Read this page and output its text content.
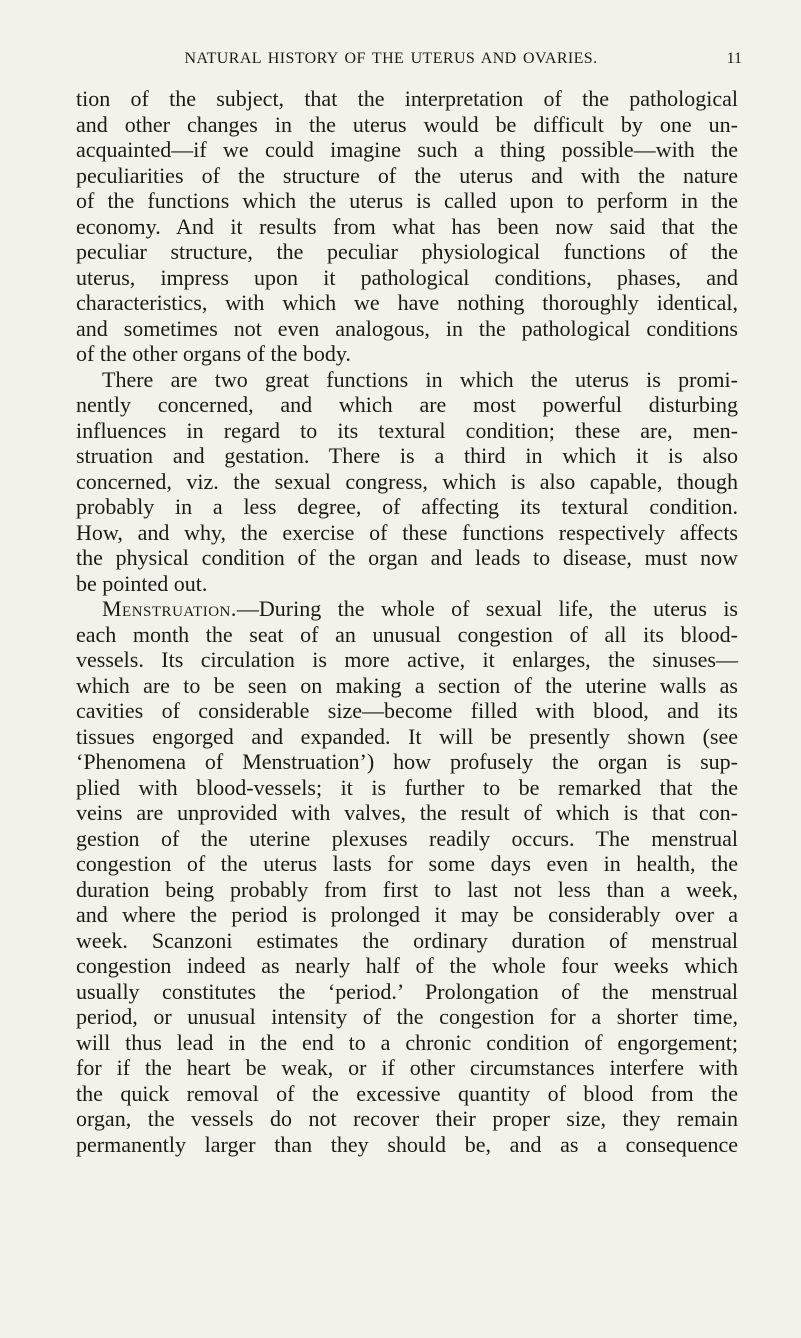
NATURAL HISTORY OF THE UTERUS AND OVARIES.	11
tion of the subject, that the interpretation of the pathological
and other changes in the uterus would be difficult by one un-
acquainted—if we could imagine such a thing possible—with the
peculiarities of the structure of the uterus and with the nature
of the functions which the uterus is called upon to perform in the
economy. And it results from what has been now said that the
peculiar structure, the peculiar physiological functions of the
uterus, impress upon it pathological conditions, phases, and
characteristics, with which we have nothing thoroughly identical,
and sometimes not even analogous, in the pathological conditions
of the other organs of the body.
There are two great functions in which the uterus is promi-
nently concerned, and which are most powerful disturbing
influences in regard to its textural condition; these are, men-
struation and gestation. There is a third in which it is also
concerned, viz. the sexual congress, which is also capable, though
probably in a less degree, of affecting its textural condition.
How, and why, the exercise of these functions respectively affects
the physical condition of the organ and leads to disease, must now
be pointed out.
Menstruation.—During the whole of sexual life, the uterus is
each month the seat of an unusual congestion of all its blood-
vessels. Its circulation is more active, it enlarges, the sinuses—
which are to be seen on making a section of the uterine walls as
cavities of considerable size—become filled with blood, and its
tissues engorged and expanded. It will be presently shown (see
‘Phenomena of Menstruation’) how profusely the organ is sup-
plied with blood-vessels; it is further to be remarked that the
veins are unprovided with valves, the result of which is that con-
gestion of the uterine plexuses readily occurs. The menstrual
congestion of the uterus lasts for some days even in health, the
duration being probably from first to last not less than a week,
and where the period is prolonged it may be considerably over a
week. Scanzoni estimates the ordinary duration of menstrual
congestion indeed as nearly half of the whole four weeks which
usually constitutes the ‘period.’ Prolongation of the menstrual
period, or unusual intensity of the congestion for a shorter time,
will thus lead in the end to a chronic condition of engorgement;
for if the heart be weak, or if other circumstances interfere with
the quick removal of the excessive quantity of blood from the
organ, the vessels do not recover their proper size, they remain
permanently larger than they should be, and as a consequence
